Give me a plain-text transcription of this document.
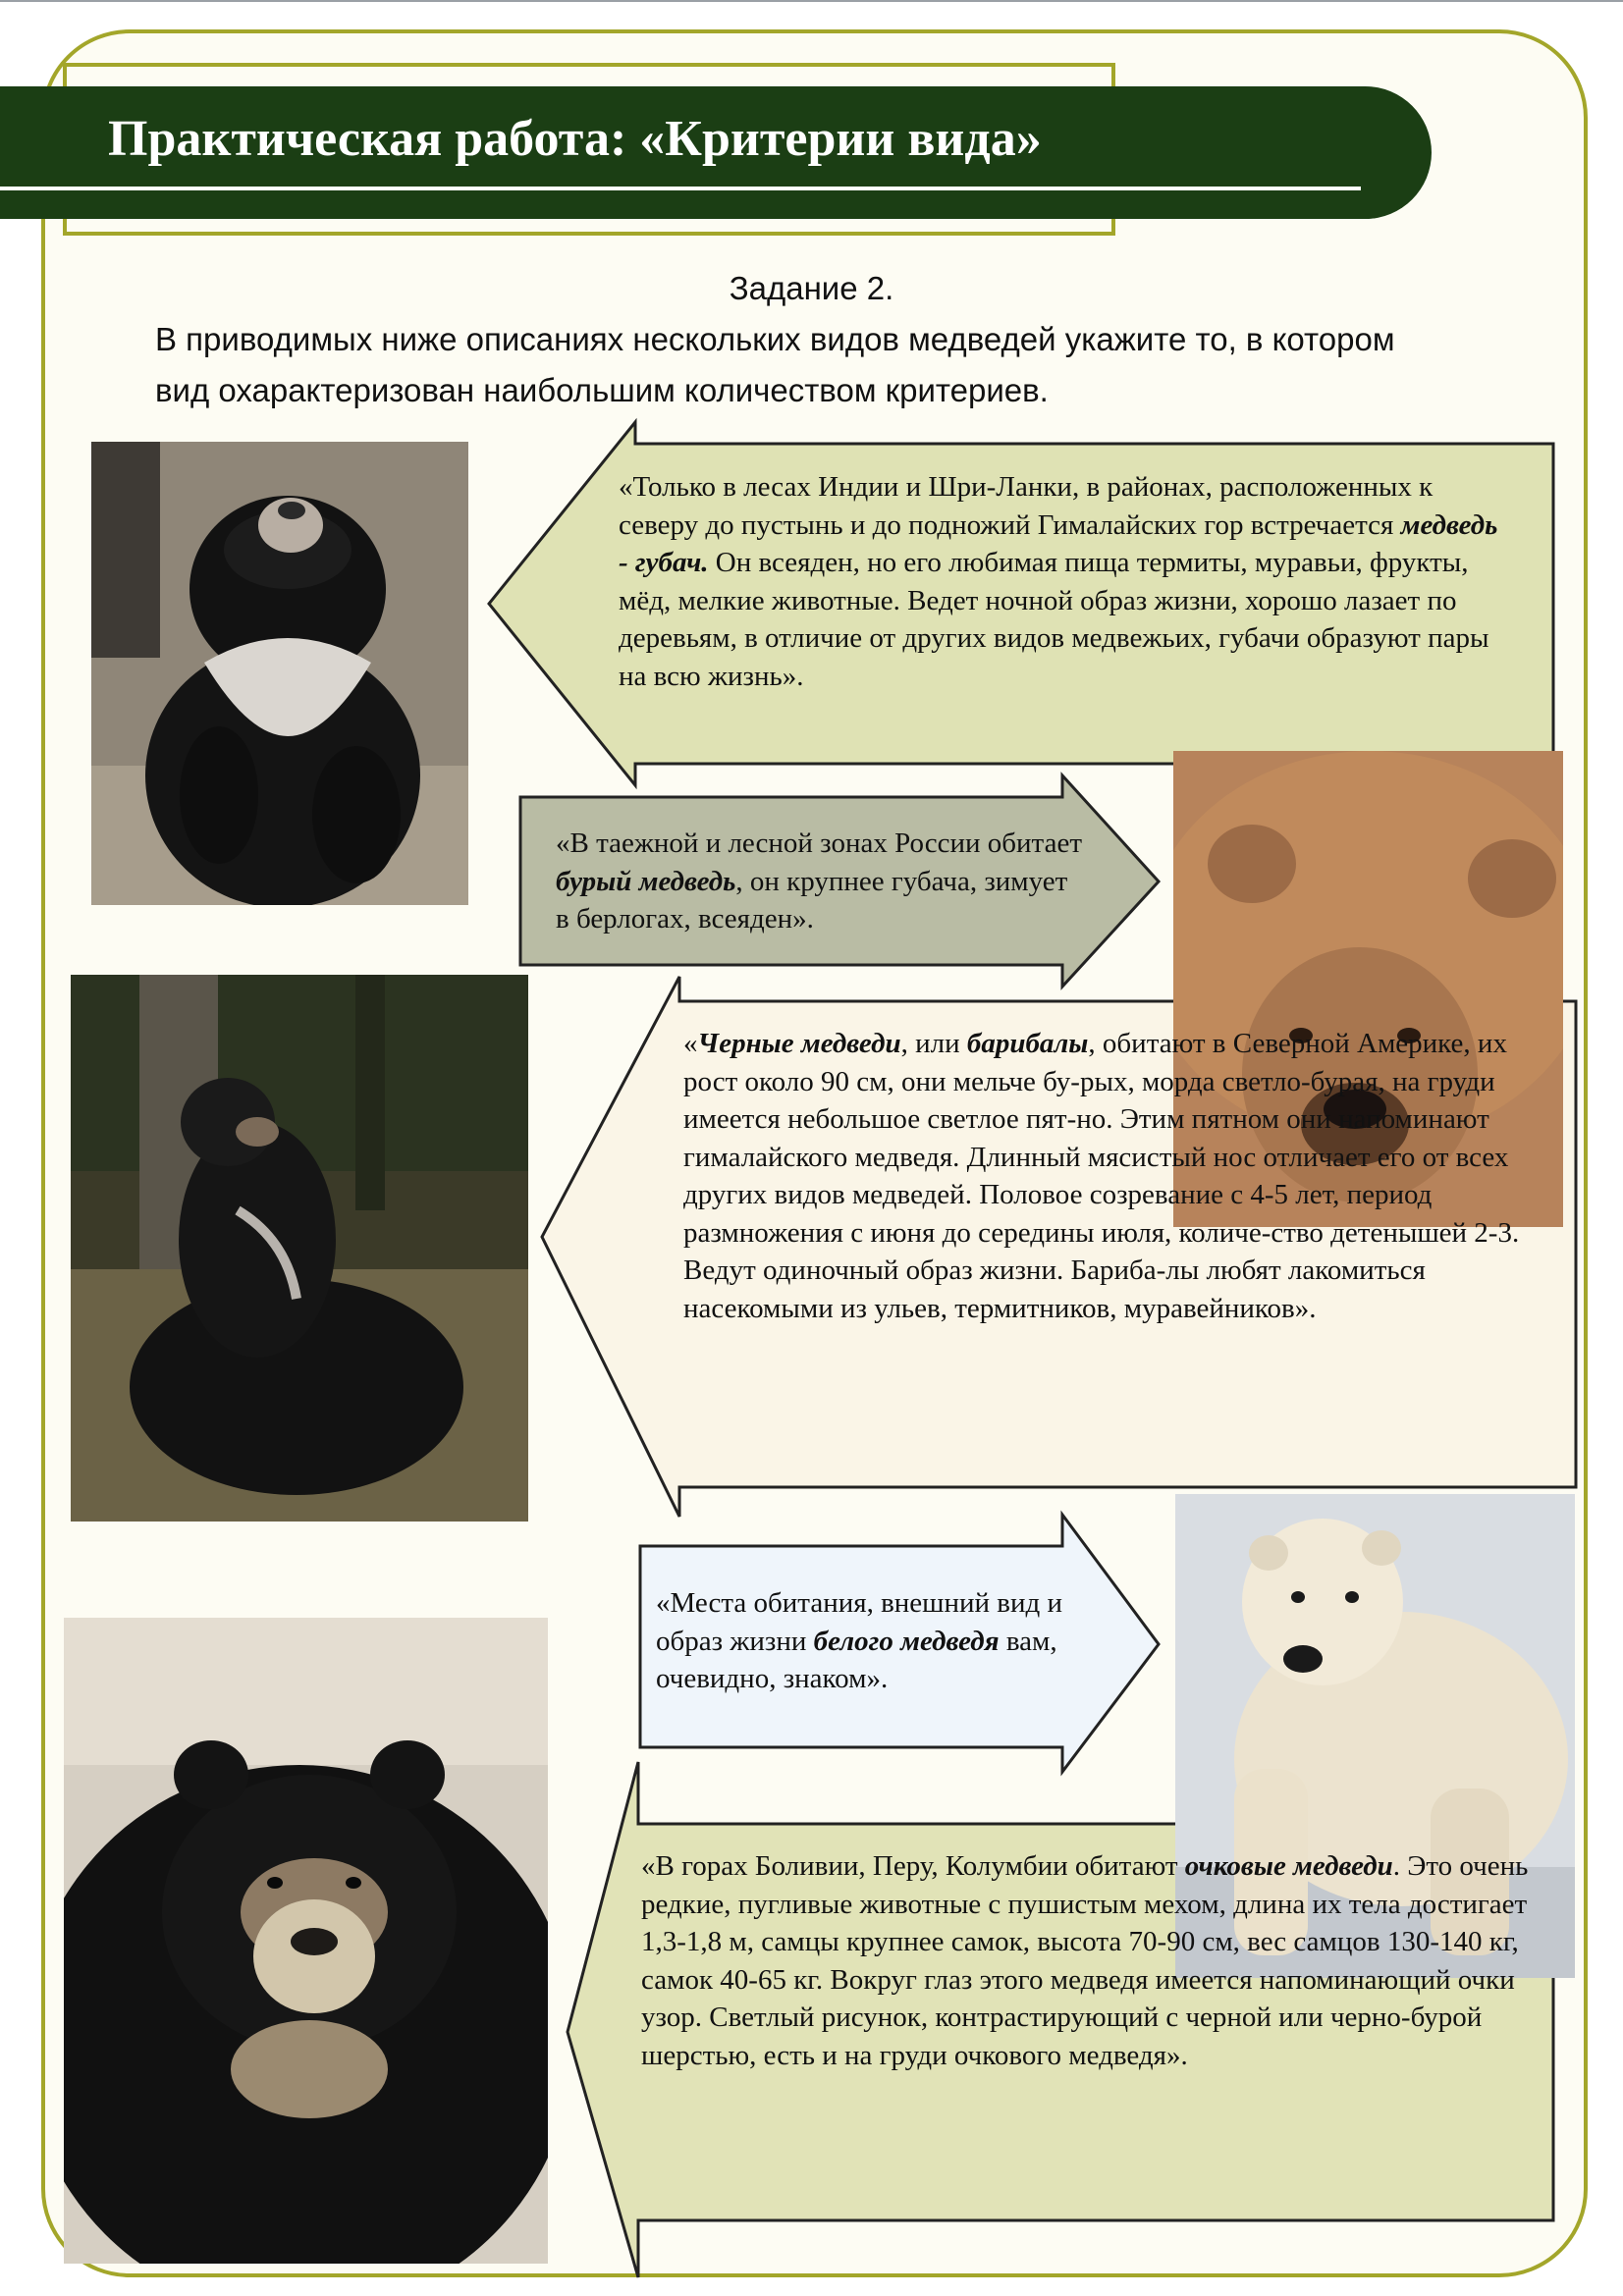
Практическая работа: «Критерии вида»
Задание 2.

В приводимых ниже описаниях нескольких видов медведей укажите то, в котором вид охарактеризован наибольшим количеством критериев.

«Только в лесах Индии и Шри-Ланки, в районах, расположенных к северу до пустынь и до подножий Гималайских гор встречается медведь - губач. Он всеяден, но его любимая пища термиты, муравьи, фрукты, мёд, мелкие животные. Ведет ночной образ жизни, хорошо лазает по деревьям, в отличие от других видов медвежьих, губачи образуют пары на всю жизнь».

«В таежной и лесной зонах России обитает бурый медведь, он крупнее губача, зимует в берлогах, всеяден».

«Черные медведи, или барибалы, обитают в Северной Америке, их рост около 90 см, они мельче бу-рых, морда светло-бурая, на груди имеется небольшое светлое пят-но. Этим пятном они напоминают гималайского медведя. Длинный мясистый нос отличает его от всех других видов медведей. Половое созревание с 4-5 лет, период размножения с июня до середины июля, количе-ство детенышей 2-3. Ведут одиночный образ жизни. Бариба-лы любят лакомиться насекомыми из ульев, термитников, муравейников».

«Места обитания, внешний вид и образ жизни белого медведя вам, очевидно, знаком».

«В горах Боливии, Перу, Колумбии обитают очковые медведи. Это очень редкие, пугливые животные с пушистым мехом, длина их тела достигает 1,3-1,8 м, самцы крупнее самок, высота 70-90 см, вес самцов 130-140 кг, самок 40-65 кг. Вокруг глаз этого медведя имеется напоминающий очки узор. Светлый рисунок, контрастирующий с черной или черно-бурой шерстью, есть и на груди очкового медведя».
